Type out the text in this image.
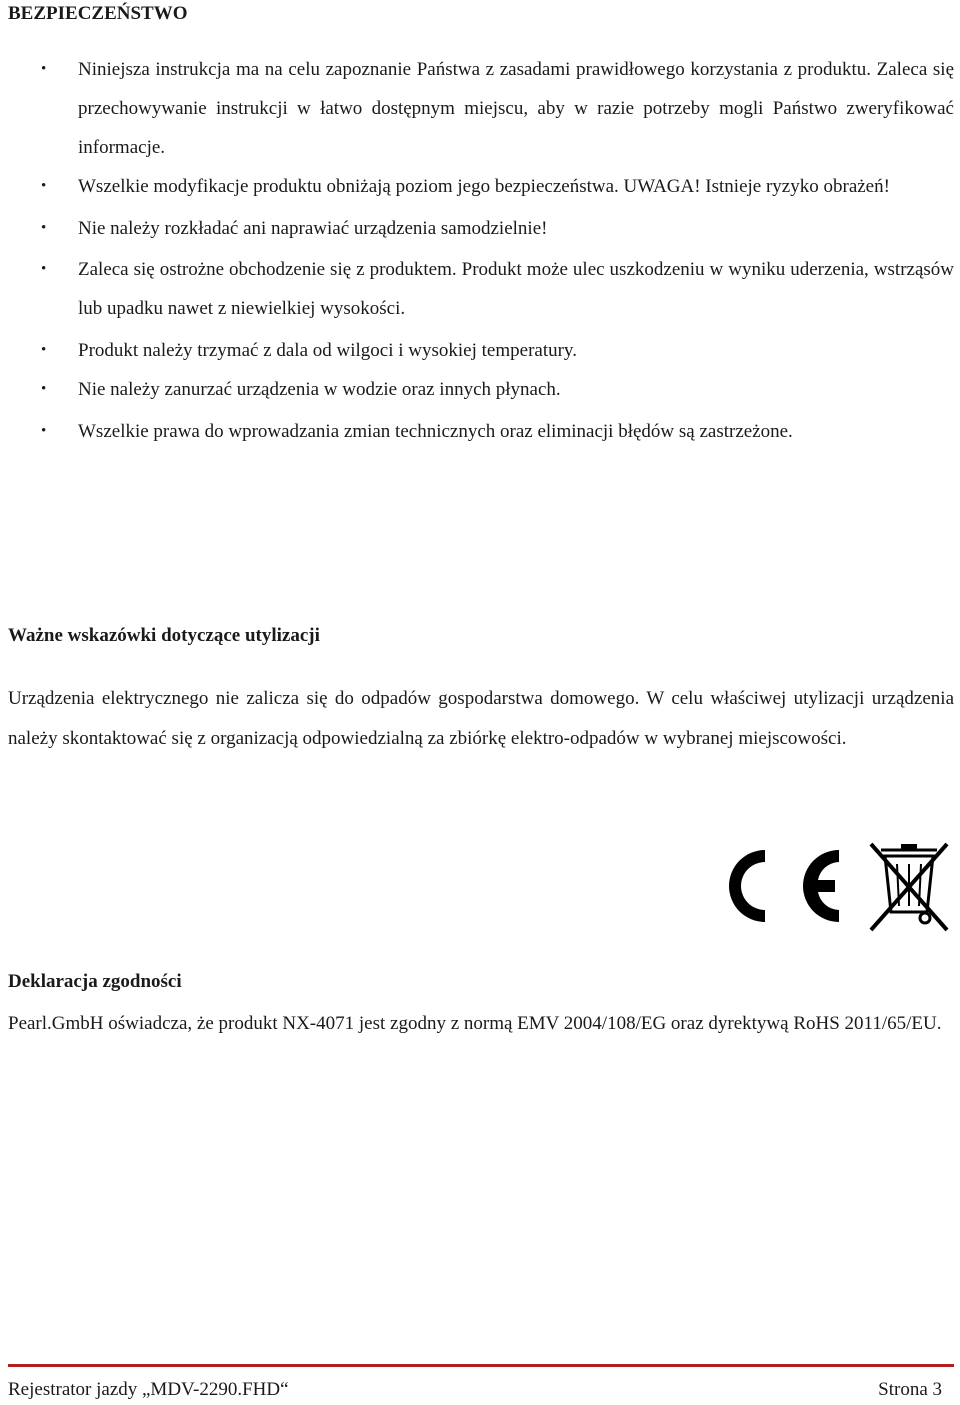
BEZPIECZEŃSTWO
• Niniejsza instrukcja ma na celu zapoznanie Państwa z zasadami prawidłowego korzystania z produktu. Zaleca się przechowywanie instrukcji w łatwo dostępnym miejscu, aby w razie potrzeby mogli Państwo zweryfikować informacje.
• Wszelkie modyfikacje produktu obniżają poziom jego bezpieczeństwa. UWAGA! Istnieje ryzyko obrażeń!
• Nie należy rozkładać ani naprawiać urządzenia samodzielnie!
• Zaleca się ostrożne obchodzenie się z produktem. Produkt może ulec uszkodzeniu w wyniku uderzenia, wstrząsów lub upadku nawet z niewielkiej wysokości.
• Produkt należy trzymać z dala od wilgoci i wysokiej temperatury.
• Nie należy zanurzać urządzenia w wodzie oraz innych płynach.
• Wszelkie prawa do wprowadzania zmian technicznych oraz eliminacji błędów są zastrzeżone.
Ważne wskazówki dotyczące utylizacji

Urządzenia elektrycznego nie zalicza się do odpadów gospodarstwa domowego. W celu właściwej utylizacji urządzenia należy skontaktować się z organizacją odpowiedzialną za zbiórkę elektro-odpadów w wybranej miejscowości.

Deklaracja zgodności

Pearl.GmbH oświadcza, że produkt NX-4071 jest zgodny z normą EMV 2004/108/EG oraz dyrektywą RoHS 2011/65/EU.

Rejestrator jazdy „MDV-2290.FHD“	Strona 3
